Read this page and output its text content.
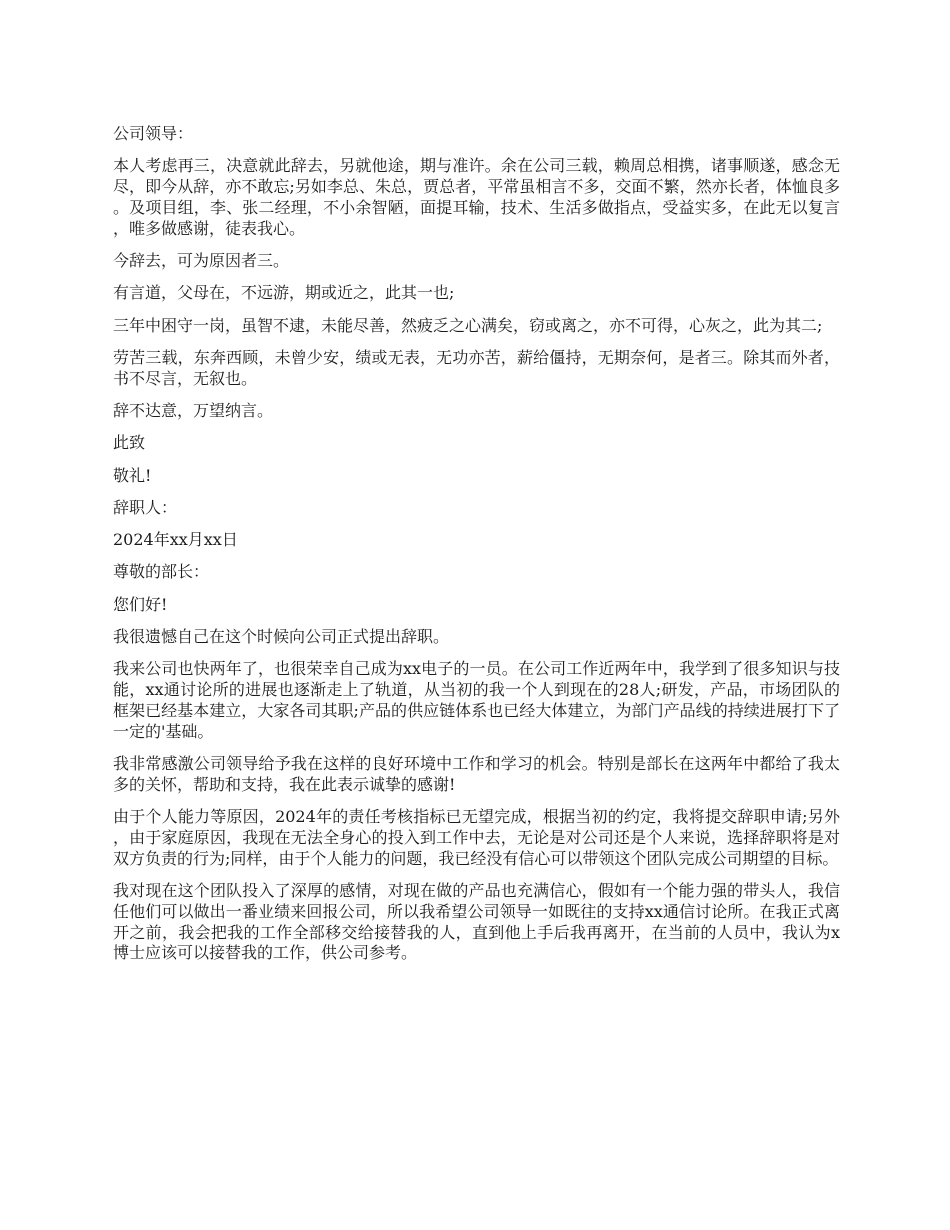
公司领导：

本人考虑再三，决意就此辞去，另就他途，期与准许。余在公司三载，赖周总相携，诸事顺遂，感念无尽，即今从辞，亦不敢忘;另如李总、朱总，贾总者，平常虽相言不多，交面不繁，然亦长者，体恤良多。及项目组，李、张二经理，不小余智陋，面提耳输，技术、生活多做指点，受益实多，在此无以复言，唯多做感谢，徒表我心。

今辞去，可为原因者三。

有言道，父母在，不远游，期或近之，此其一也;

三年中困守一岗，虽智不逮，未能尽善，然疲乏之心满矣，窃或离之，亦不可得，心灰之，此为其二;

劳苦三载，东奔西顾，未曾少安，绩或无表，无功亦苦，薪给僵持，无期奈何，是者三。除其而外者，书不尽言，无叙也。

辞不达意，万望纳言。

此致

敬礼!

辞职人：

2024年xx月xx日

尊敬的部长：

您们好!

我很遗憾自己在这个时候向公司正式提出辞职。

我来公司也快两年了，也很荣幸自己成为xx电子的一员。在公司工作近两年中，我学到了很多知识与技能，xx通讨论所的进展也逐渐走上了轨道，从当初的我一个人到现在的28人;研发，产品，市场团队的框架已经基本建立，大家各司其职;产品的供应链体系也已经大体建立，为部门产品线的持续进展打下了一定的'基础。

我非常感激公司领导给予我在这样的良好环境中工作和学习的机会。特别是部长在这两年中都给了我太多的关怀，帮助和支持，我在此表示诚挚的感谢!

由于个人能力等原因，2024年的责任考核指标已无望完成，根据当初的约定，我将提交辞职申请;另外，由于家庭原因，我现在无法全身心的投入到工作中去，无论是对公司还是个人来说，选择辞职将是对双方负责的行为;同样，由于个人能力的问题，我已经没有信心可以带领这个团队完成公司期望的目标。

我对现在这个团队投入了深厚的感情，对现在做的产品也充满信心，假如有一个能力强的带头人，我信任他们可以做出一番业绩来回报公司，所以我希望公司领导一如既往的支持xx通信讨论所。在我正式离开之前，我会把我的工作全部移交给接替我的人，直到他上手后我再离开，在当前的人员中，我认为x博士应该可以接替我的工作，供公司参考。
